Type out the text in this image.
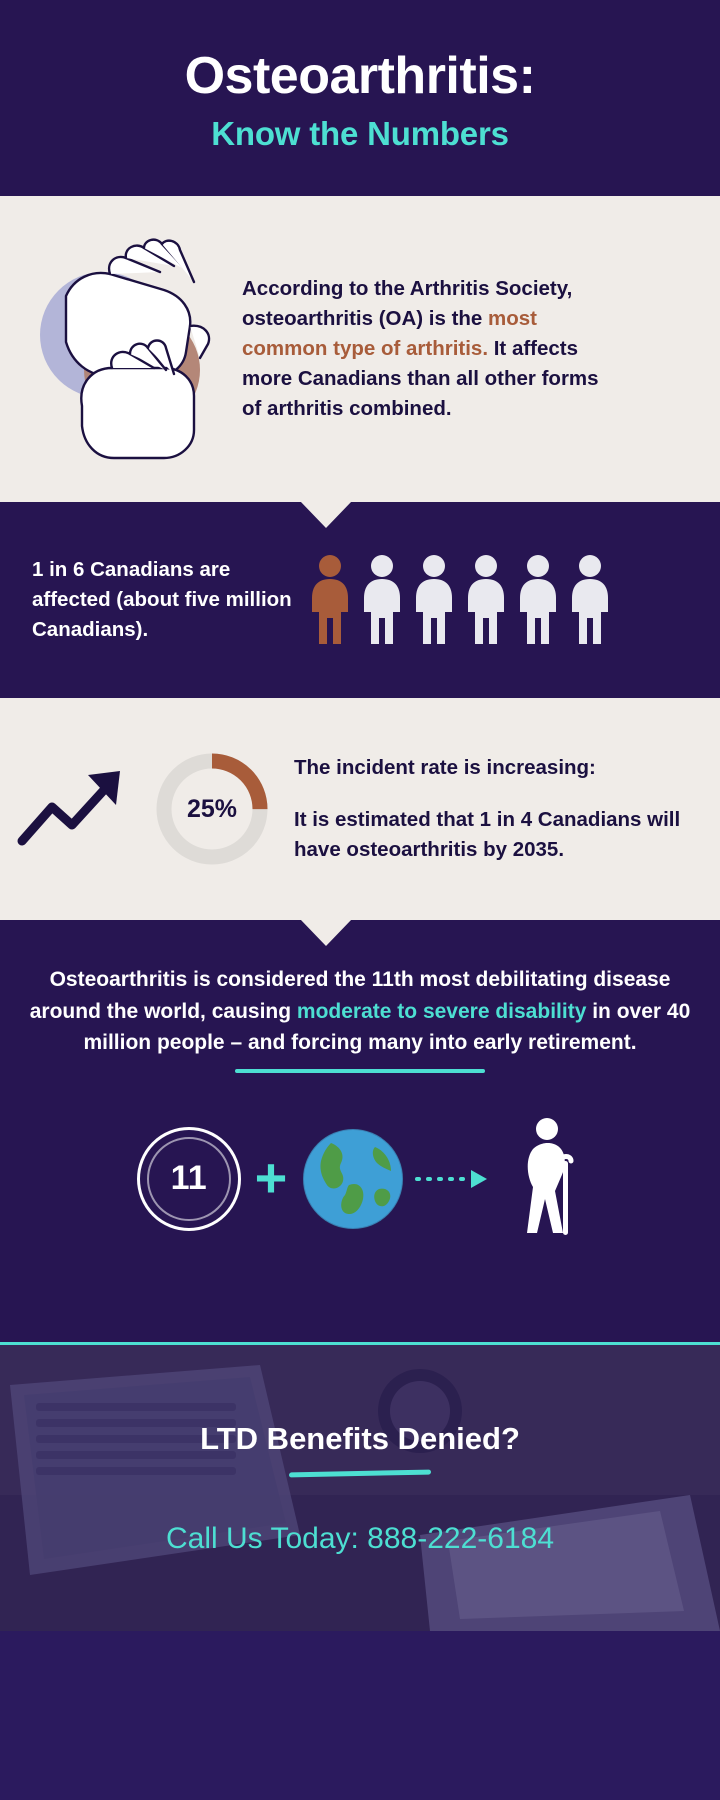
Osteoarthritis:
Know the Numbers
According to the Arthritis Society, osteoarthritis (OA) is the most common type of arthritis. It affects more Canadians than all other forms of arthritis combined.
1 in 6 Canadians are affected (about five million Canadians).
25%

The incident rate is increasing:

It is estimated that 1 in 4 Canadians will have osteoarthritis by 2035.

Osteoarthritis is considered the 11th most debilitating disease around the world, causing moderate to severe disability in over 40 million people – and forcing many into early retirement.
11 +
LTD Benefits Denied?
Call Us Today: 888-222-6184
